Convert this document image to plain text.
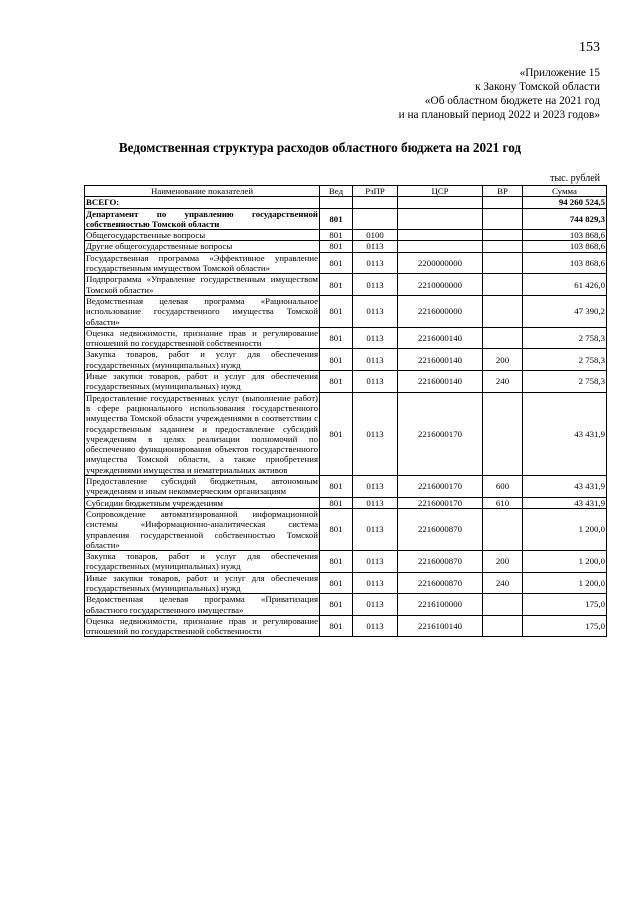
153
«Приложение 15
к Закону Томской области
«Об областном бюджете на 2021 год
и на плановый период 2022 и 2023 годов»
Ведомственная структура расходов областного бюджета на 2021 год
тыс. рублей
Наименование показателей	Вед	РзПР	ЦСР	ВР	Сумма
ВСЕГО:					94 260 524,5
Департамент по управлению государственной собственностью Томской области	801				744 829,3
Общегосударственные вопросы	801	0100			103 868,6
Другие общегосударственные вопросы	801	0113			103 868,6
Государственная программа «Эффективное управление государственным имуществом Томской области»	801	0113	2200000000		103 868,6
Подпрограмма «Управление государственным имуществом Томской области»	801	0113	2210000000		61 426,0
Ведомственная целевая программа «Рациональное использование государственного имущества Томской области»	801	0113	2216000000		47 390,2
Оценка недвижимости, признание прав и регулирование отношений по государственной собственности	801	0113	2216000140		2 758,3
Закупка товаров, работ и услуг для обеспечения государственных (муниципальных) нужд	801	0113	2216000140	200	2 758,3
Иные закупки товаров, работ и услуг для обеспечения государственных (муниципальных) нужд	801	0113	2216000140	240	2 758,3
Предоставление государственных услуг (выполнение работ) в сфере рационального использования государственного имущества Томской области учреждениями в соответствии с государственным заданием и предоставление субсидий учреждениям в целях реализации полномочий по обеспечению функционирования объектов государственного имущества Томской области, а также приобретения учреждениями имущества и нематериальных активов	801	0113	2216000170		43 431,9
Предоставление субсидий бюджетным, автономным учреждениям и иным некоммерческим организациям	801	0113	2216000170	600	43 431,9
Субсидии бюджетным учреждениям	801	0113	2216000170	610	43 431,9
Сопровождение автоматизированной информационной системы «Информационно-аналитическая система управления государственной собственностью Томской области»	801	0113	2216000870		1 200,0
Закупка товаров, работ и услуг для обеспечения государственных (муниципальных) нужд	801	0113	2216000870	200	1 200,0
Иные закупки товаров, работ и услуг для обеспечения государственных (муниципальных) нужд	801	0113	2216000870	240	1 200,0
Ведомственная целевая программа «Приватизация областного государственного имущества»	801	0113	2216100000		175,0
Оценка недвижимости, признание прав и регулирование отношений по государственной собственности	801	0113	2216100140		175,0
